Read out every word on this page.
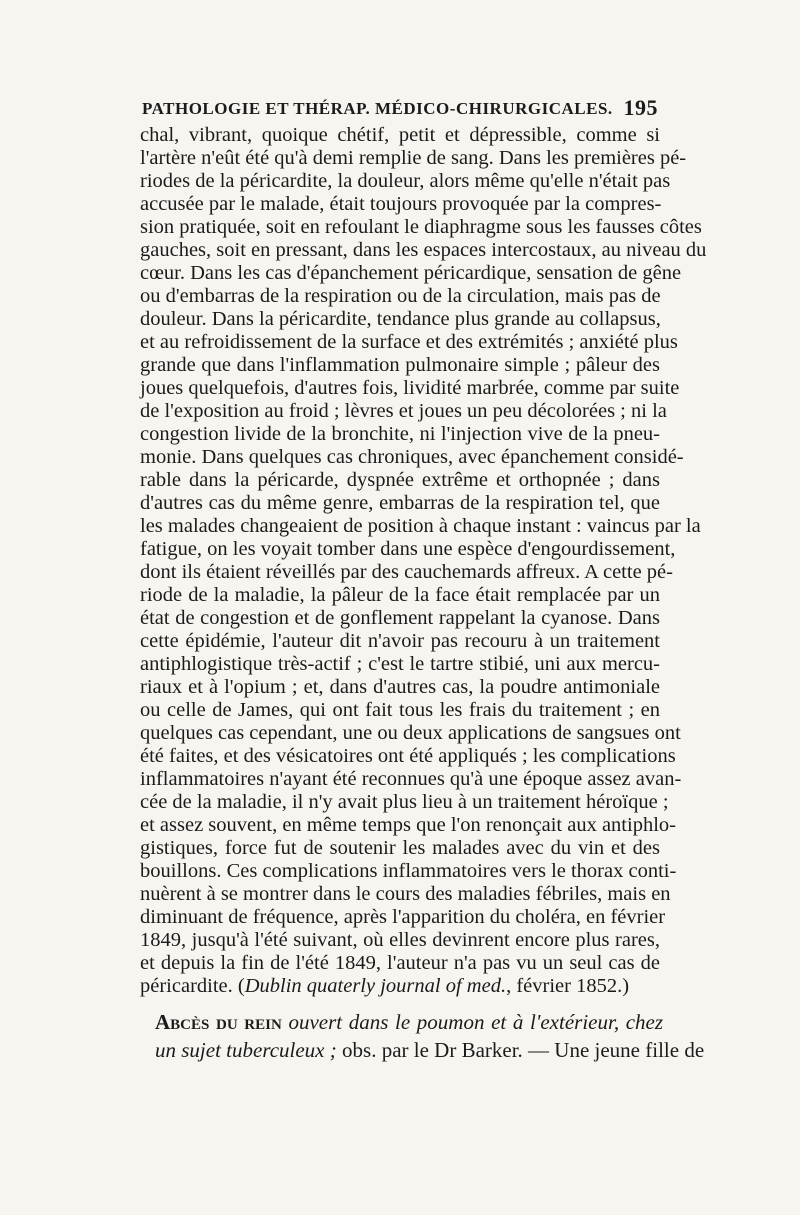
PATHOLOGIE ET THÉRAP. MÉDICO-CHIRURGICALES. 195
chal, vibrant, quoique chétif, petit et dépressible, comme si
l'artère n'eût été qu'à demi remplie de sang. Dans les premières pé-
riodes de la péricardite, la douleur, alors même qu'elle n'était pas
accusée par le malade, était toujours provoquée par la compres-
sion pratiquée, soit en refoulant le diaphragme sous les fausses côtes
gauches, soit en pressant, dans les espaces intercostaux, au niveau du
cœur. Dans les cas d'épanchement péricardique, sensation de gêne
ou d'embarras de la respiration ou de la circulation, mais pas de
douleur. Dans la péricardite, tendance plus grande au collapsus,
et au refroidissement de la surface et des extrémités ; anxiété plus
grande que dans l'inflammation pulmonaire simple ; pâleur des
joues quelquefois, d'autres fois, lividité marbrée, comme par suite
de l'exposition au froid ; lèvres et joues un peu décolorées ; ni la
congestion livide de la bronchite, ni l'injection vive de la pneu-
monie. Dans quelques cas chroniques, avec épanchement considé-
rable dans la péricarde, dyspnée extrême et orthopnée ; dans
d'autres cas du même genre, embarras de la respiration tel, que
les malades changeaient de position à chaque instant : vaincus par la
fatigue, on les voyait tomber dans une espèce d'engourdissement,
dont ils étaient réveillés par des cauchemards affreux. A cette pé-
riode de la maladie, la pâleur de la face était remplacée par un
état de congestion et de gonflement rappelant la cyanose. Dans
cette épidémie, l'auteur dit n'avoir pas recouru à un traitement
antiphlogistique très-actif ; c'est le tartre stibié, uni aux mercu-
riaux et à l'opium ; et, dans d'autres cas, la poudre antimoniale
ou celle de James, qui ont fait tous les frais du traitement ; en
quelques cas cependant, une ou deux applications de sangsues ont
été faites, et des vésicatoires ont été appliqués ; les complications
inflammatoires n'ayant été reconnues qu'à une époque assez avan-
cée de la maladie, il n'y avait plus lieu à un traitement héroïque ;
et assez souvent, en même temps que l'on renonçait aux antiphlo-
gistiques, force fut de soutenir les malades avec du vin et des
bouillons. Ces complications inflammatoires vers le thorax conti-
nuèrent à se montrer dans le cours des maladies fébriles, mais en
diminuant de fréquence, après l'apparition du choléra, en février
1849, jusqu'à l'été suivant, où elles devinrent encore plus rares,
et depuis la fin de l'été 1849, l'auteur n'a pas vu un seul cas de
péricardite. (Dublin quaterly journal of med., février 1852.)
Abcès du rein ouvert dans le poumon et à l'extérieur, chez
un sujet tuberculeux ; obs. par le Dr Barker. — Une jeune fille de
